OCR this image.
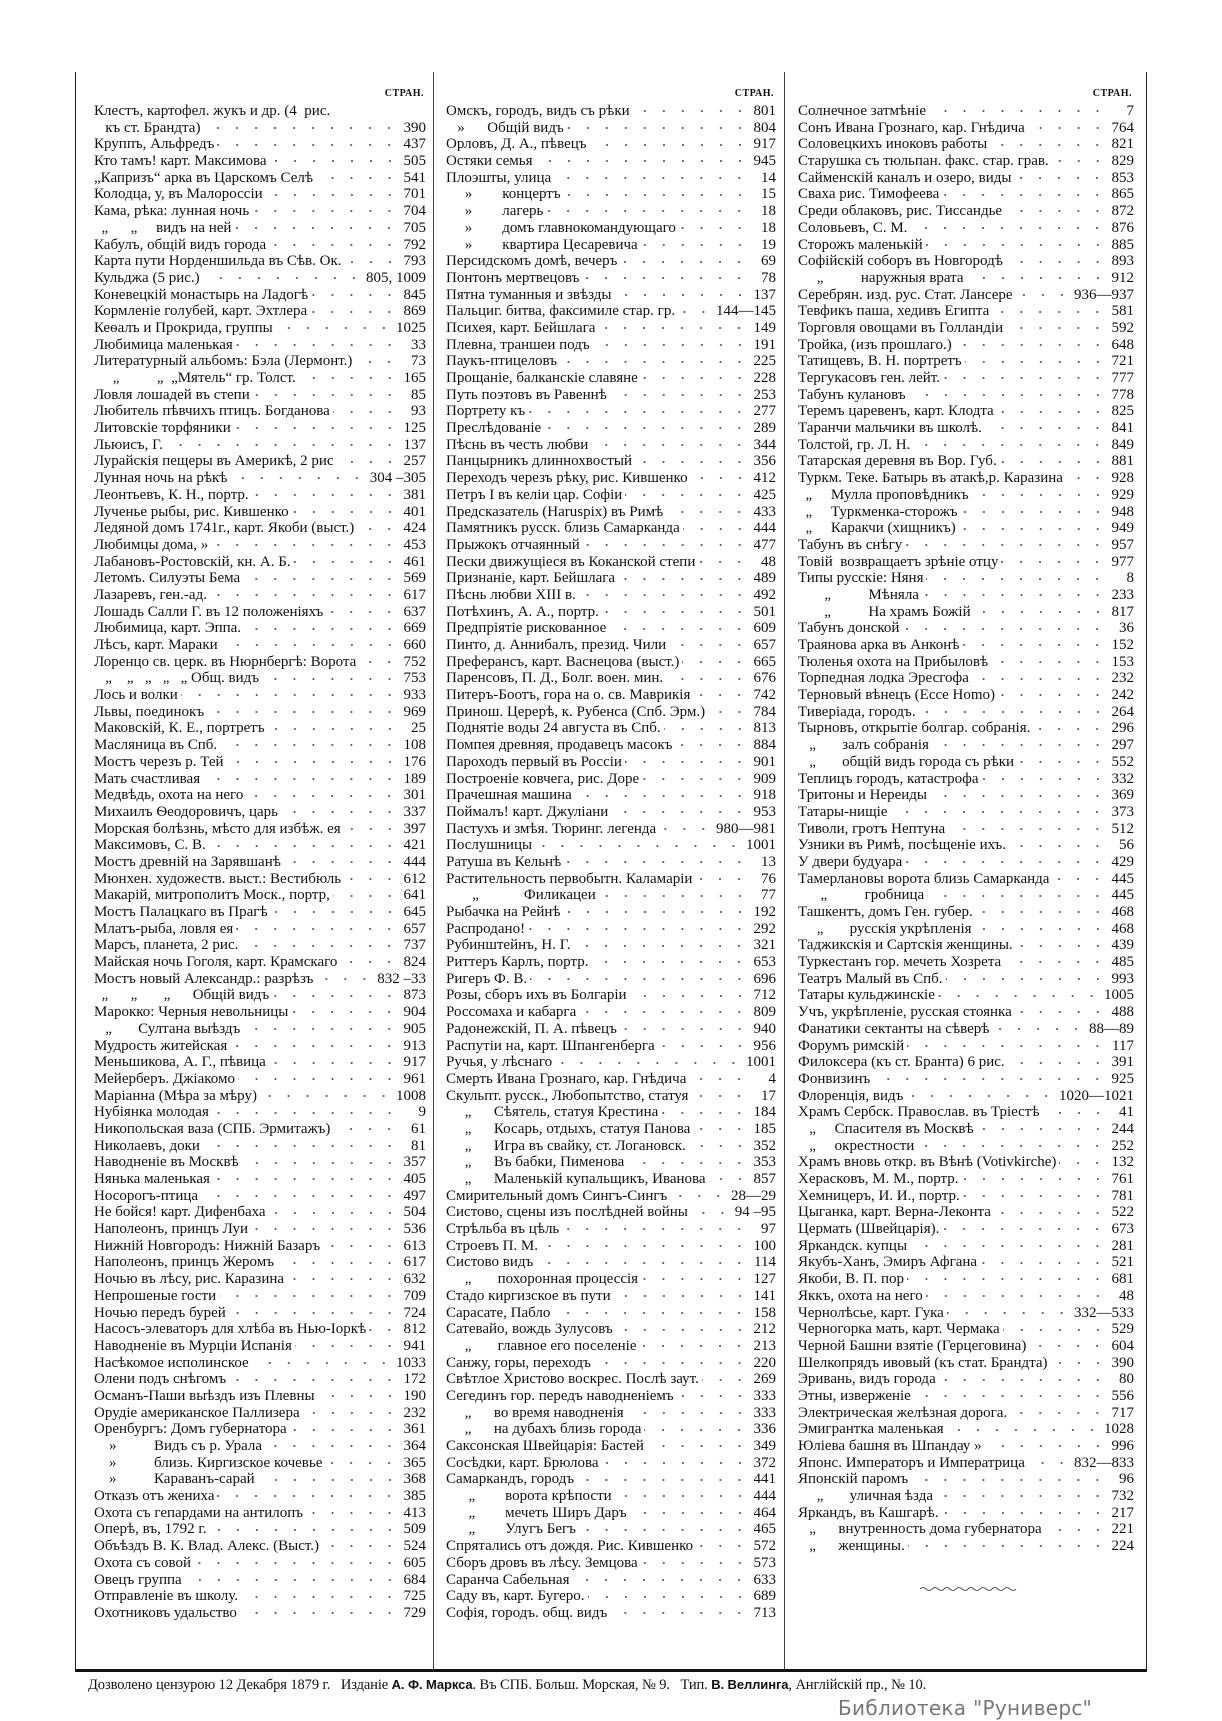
СТРАН.
Клестъ, картофел. жукъ и др. (4  рис.
къ ст. Брандта)	390
Круппъ, Альфредъ	437
Кто тамъ! карт. Максимова	505
„Капризъ“ арка въ Царскомъ Селѣ	541
Колодца, у, въ Малороссіи	701
Кама, рѣка: лунная ночь	704
„      „     видъ на ней	705
Кабулъ, общій видъ города	792
Карта пути Норденшильда въ Сѣв. Ок.	793
Кульджа (5 рис.)	805, 1009
Коневецкій монастырь на Ладогѣ	845
Кормленіе голубей, карт. Эхтлера	869
Кеѳалъ и Прокрида, группы	1025
Любимица маленькая	33
Литературный альбомъ: Бэла (Лермонт.)	73
„          „  „Мятель“ гр. Толст.	165
Ловля лошадей въ степи	85
Любитель пѣвчихъ птицъ. Богданова	93
Литовскіе торфяники	125
Льюисъ, Г.	137
Лурайскія пещеры въ Америкѣ, 2 рис	257
Лунная ночь на рѣкѣ	304 –305
Леонтьевъ, К. Н., портр.	381
Лученье рыбы, рис. Кившенко	401
Ледяной домъ 1741г., карт. Якоби (выст.)	424
Любимцы дома, »	453
Лабановъ-Ростовскій, кн. А. Б.	461
Летомъ. Силуэты Бема	569
Лазаревъ, ген.-ад.	617
Лошадь Салли Г. въ 12 положеніяхъ	637
Любимица, карт. Эппа.	669
Лѣсъ, карт. Мараки	660
Лоренцо св. церк. въ Нюрнбергѣ: Ворота	752
„    „   „   „   „ Общ. видъ	753
Лось и волки	933
Львы, поединокъ	969
Маковскій, К. Е., портретъ	25
Масляница въ Спб.	108
Мостъ черезъ р. Тей	176
Мать счастливая	189
Медвѣдь, охота на него	301
Михаилъ Ѳеодоровичъ, царь	337
Морская болѣзнь, мѣсто для избѣж. ея	397
Максимовъ, С. В.	421
Мостъ древній на Зарявшанѣ	444
Мюнхен. художеств. выст.: Вестибюль	612
Макарій, митрополитъ Моск., портр,	641
Мостъ Палацкаго въ Прагѣ	645
Млатъ-рыба, ловля ея	657
Марсъ, планета, 2 рис.	737
Майская ночь Гоголя, карт. Крамскаго	824
Мостъ новый Александр.: разрѣзъ	832 –33
„      „       „      Общій видъ	873
Марокко: Черныя невольницы	904
„       Султана выѣздъ	905
Мудрость житейская	913
Меньшикова, А. Г., пѣвица	917
Мейерберъ. Джіакомо	961
Маріанна (Мѣра за мѣру)	1008
Нубіянка молодая	9
Никопольская ваза (СПБ. Эрмитажъ)	61
Николаевъ, доки	81
Наводненіе въ Москвѣ	357
Нянька маленькая	405
Носорогъ-птица	497
Не бойся! карт. Дифенбаха	504
Наполеонъ, принцъ Луи	536
Нижній Новгородъ: Нижній Базаръ	613
Наполеонъ, принцъ Жеромъ	617
Ночью въ лѣсу, рис. Каразина	632
Непрошеные гости	709
Ночью передъ бурей	724
Насосъ-элеваторъ для хлѣба въ Нью-Іоркѣ 812
Наводненіе въ Мурціи Испанія	941
Насѣкомое исполинское	1033
Олени подъ снѣгомъ	172
Османъ-Паши выѣздъ изъ Плевны	190
Орудіе американское Паллизера	232
Оренбургъ: Домъ губернатора	361
»          Видъ съ р. Урала	364
»          близь. Киргизское кочевье	365
»          Караванъ-сарай	368
Отказъ отъ жениха	385
Охота съ гепардами на антилопъ	413
Оперѣ, въ, 1792 г.	509
Объѣздъ В. К. Влад. Алекс. (Выст.)	524
Охота съ совой	605
Овецъ группа	684
Отправленіе въ школу.	725
Охотниковъ удальство	729
СТРАН.
Омскъ, городъ, видъ съ рѣки	801
»      Общій видъ	804
Орловъ, Д. А., пѣвецъ	917
Остяки семья	945
Плоэшты, улица	14
»        концертъ	15
»        лагерь	18
»        домъ главнокомандующаго	18
»        квартира Цесаревича	19
Персидскомъ домѣ, вечеръ	69
Понтонъ мертвецовъ	78
Пятна туманныя и звѣзды	137
Пальциг. битва, факсимиле стар. гр.	144—145
Психея, карт. Бейшлага	149
Плевна, траншеи подъ	191
Паукъ-птицеловъ	225
Прощаніе, балканскіе славяне	228
Путь поэтовъ въ Равеннѣ	253
Портрету къ	277
Преслѣдованіе	289
Пѣснь въ честь любви	344
Панцырникъ длиннохвостый	356
Переходъ черезъ рѣку, рис. Кившенко	412
Петръ I въ келіи цар. Софіи	425
Предсказатель (Haruspix) въ Римѣ	433
Памятникъ русск. близь Самарканда	444
Прыжокъ отчаянный	477
Пески движущіеся въ Коканской степи	48
Признаніе, карт. Бейшлага	489
Пѣснь любви XIII в.	492
Потѣхинъ, А. А., портр.	501
Предпріятіе рискованное	609
Пинто, д. Аннибалъ, презид. Чили	657
Преферансъ, карт. Васнецова (выст.)	665
Паренсовъ, П. Д., Болг. воен. мин.	676
Питеръ-Боотъ, гора на о. св. Маврикія	742
Принош. Церерѣ, к. Рубенса (Спб. Эрм.)	784
Поднятіе воды 24 августа въ Спб.	813
Помпея древняя, продавецъ масокъ	884
Пароходъ первый въ Россіи	901
Построеніе ковчега, рис. Доре	909
Прачешная машина	918
Поймалъ! карт. Джуліани	953
Пастухъ и змѣя. Тюринг. легенда	980—981
Послушницы	1001
Ратуша въ Кельнѣ	13
Растительность первобытн. Каламаріи	76
„            Филикацеи	77
Рыбачка на Рейнѣ	192
Распродано!	292
Рубинштейнъ, Н. Г.	321
Риттеръ Карлъ, портр.	653
Ригеръ Ф. В.	696
Розы, сборъ ихъ въ Болгаріи	712
Россомаха и кабарга	809
Радонежскій, П. А. пѣвецъ	940
Распутіи на, карт. Шпангенберга	956
Ручья, у лѣснаго	1001
Смерть Ивана Грознаго, кар. Гнѣдича	4
Скульпт. русск., Любопытство, статуя	17
„      Сѣятель, статуя Крестина	184
„      Косарь, отдыхъ, статуя Панова	185
„      Игра въ свайку, ст. Логановск.	352
„      Въ бабки, Пименова	353
„      Маленькій купальщикъ, Иванова	857
Смирительный домъ Сингъ-Сингъ	28—29
Систово, сцены изъ послѣдней войны	94 –95
Стрѣльба въ цѣль	97
Строевъ П. М.	100
Систово видъ	114
„       похоронная процессія	127
Стадо киргизское въ пути	141
Сарасате, Пабло	158
Сатевайо, вождь Зулусовъ	212
„       главное его поселеніе	213
Санжу, горы, переходъ	220
Свѣтлое Христово воскрес. Послѣ заут.	269
Сегединъ гор. передъ наводненіемъ	333
„      во время наводненія	333
„      на дубахъ близь города	336
Саксонская Швейцарія: Бастей	349
Сосѣдки, карт. Брюлова	372
Самаркандъ, городъ	441
„        ворота крѣпости	444
„        мечеть Ширъ Даръ	464
„        Улугъ Бегъ	465
Спрятались отъ дождя. Рис. Кившенко	572
Сборъ дровъ въ лѣсу. Земцова	573
Саранча Сабельная	633
Саду въ, карт. Бугеро.	689
Софія, городъ. общ. видъ	713
СТРАН.
Солнечное затмѣніе	7
Сонъ Ивана Грознаго, кар. Гнѣдича	764
Соловецкихъ иноковъ работы	821
Старушка съ тюльпан. факс. стар. грав.	829
Сайменскій каналъ и озеро, виды	853
Сваха рис. Тимофеева	865
Среди облаковъ, рис. Тиссандье	872
Соловьевъ, С. М.	876
Сторожъ маленькій	885
Софійскій соборъ въ Новгородѣ	893
„          наружныя врата	912
Серебрян. изд. рус. Стат. Лансере	936—937
Тевфикъ паша, хедивъ Египта	581
Торговля овощами въ Голландіи	592
Тройка, (изъ прошлаго.)	648
Татищевъ, В. Н. портретъ	721
Тергукасовъ ген. лейт.	777
Табунъ кулановъ	778
Теремъ царевенъ, карт. Клодта	825
Таранчи мальчики въ школѣ.	841
Толстой, гр. Л. Н.	849
Татарская деревня въ Вор. Губ.	881
Туркм. Теке. Батырь въ атакѣ,р. Каразина	928
„     Мулла проповѣдникъ	929
„     Туркменка-сторожъ	948
„     Каракчи (хищникъ)	949
Табунъ въ снѣгу	957
Товій  возвращаетъ зрѣніе отцу	977
Типы русскіе: Няня	8
„          Мѣняла	233
„          На храмъ Божій	817
Табунъ донской	36
Траянова арка въ Анконѣ	152
Тюленья охота на Прибыловѣ	153
Торпедная лодка Эресгофа	232
Терновый вѣнецъ (Ecce Homo)	242
Тиверіада, городъ.	264
Тырновъ, открытіе болгар. собранія.	296
„       залъ собранія	297
„       общій видъ города съ рѣки	552
Теплицъ городъ, катастрофа	332
Тритоны и Нереиды	369
Татары-нищіе	373
Тиволи, гротъ Нептуна	512
Узники въ Римѣ, посѣщеніе ихъ.	56
У двери будуара	429
Тамерлановы ворота близь Самарканда	445
„          гробница	445
Ташкентъ, домъ Ген. губер.	468
„       русскія укрѣпленія	468
Таджикскія и Сартскія женщины.	439
Туркестанъ гор. мечеть Хозрета	485
Театръ Малый въ Спб.	993
Татары кульджинскіе	1005
Учъ, укрѣпленіе, русская стоянка	488
Фанатики сектанты на сѣверѣ	88—89
Форумъ римскій	117
Филоксера (къ ст. Бранта) 6 рис.	391
Фонвизинъ	925
Флоренція, видъ	1020—1021
Храмъ Сербск. Православ. въ Тріестѣ	41
„     Спасителя въ Москвѣ	244
„     окрестности	252
Храмъ вновь откр. въ Вѣнѣ (Votivkirche)	132
Херасковъ, М. М., портр.	761
Хемницеръ, И. И., портр.	781
Цыганка, карт. Верна-Леконта	522
Цермать (Швейцарія).	673
Яркандск. купцы	281
Якубъ-Ханъ, Эмиръ Афгана	521
Якоби, В. П. пор	681
Яккъ, охота на него	48
Чернолѣсье, карт. Гука	332—533
Черногорка мать, карт. Чермака	529
Черной Башни взятіе (Герцеговина)	604
Шелкопрядъ ивовый (къ стат. Брандта)	390
Эривань, видъ города	80
Этны, изверженіе	556
Электрическая желѣзная дорога.	717
Эмигрантка маленькая	1028
Юліева башня въ Шпандау »	996
Японс. Императоръ и Императрица	832—833
Японскій паромъ	96
„       уличная ѣзда	732
Яркандъ, въ Кашгарѣ.	217
„      внутренность дома губернатора	221
„      женщины.	224
Дозволено цензурою 12 Декабря 1879 г. Изданіе А. Ф. Маркса. Въ СПБ. Больш. Морская, № 9. Тип. В. Веллинга, Англійскій пр., № 10.
Библиотека "Руниверс"
